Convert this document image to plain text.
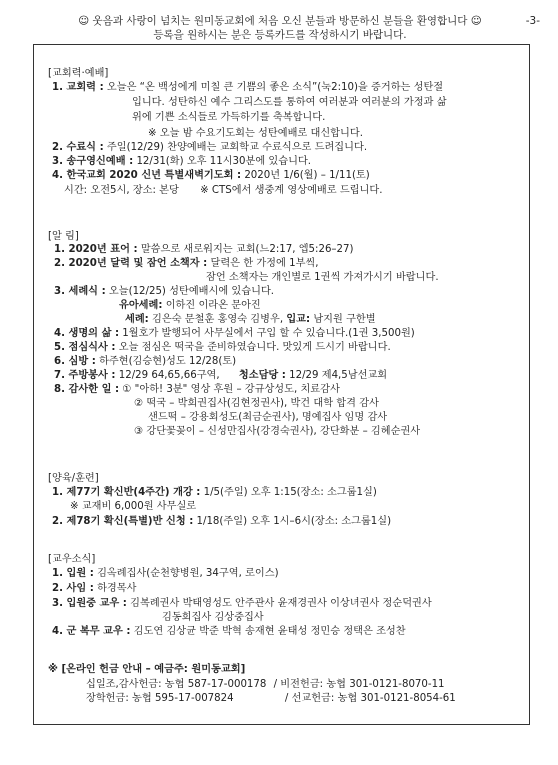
☺ 웃음과 사랑이 넘치는 원미동교회에 처음 오신 분들과 방문하신 분들을 환영합니다 ☺
등록을 원하시는 분은 등록카드를 작성하시기 바랍니다.
-3-
[교회력·예배]
1. 교회력 : 오늘은 “온 백성에게 미칠 큰 기쁨의 좋은 소식”(눅2:10)을 증거하는 성탄절
입니다. 성탄하신 예수 그리스도를 통하여 여러분과 여러분의 가정과 삶
위에 기쁜 소식들로 가득하기를 축복합니다.
※ 오늘 밤 수요기도회는 성탄예배로 대신합니다.
2. 수료식 : 주일(12/29) 찬양예배는 교회학교 수료식으로 드려집니다.
3. 송구영신예배 : 12/31(화) 오후 11시30분에 있습니다.
4. 한국교회 2020 신년 특별새벽기도회 : 2020년 1/6(월) – 1/11(토)
시간: 오전5시, 장소: 본당 ※ CTS에서 생중계 영상예배로 드립니다.
[알 림]
1. 2020년 표어 : 말씀으로 새로워지는 교회(느2:17, 엡5:26–27)
2. 2020년 달력 및 잠언 소책자 : 달력은 한 가정에 1부씩,
잠언 소책자는 개인별로 1권씩 가져가시기 바랍니다.
3. 세례식 : 오늘(12/25) 성탄예배시에 있습니다.
유아세례: 이하진 이라온 문아진
세례: 김은숙 문철훈 홍영숙 김병우, 입교: 남지원 구한별
4. 생명의 삶 : 1월호가 발행되어 사무실에서 구입 할 수 있습니다.(1권 3,500원)
5. 점심식사 : 오늘 점심은 떡국을 준비하였습니다. 맛있게 드시기 바랍니다.
6. 심방 : 하주현(김승현)성도 12/28(토)
7. 주방봉사 : 12/29 64,65,66구역, 청소담당 : 12/29 제4,5남선교회
8. 감사한 일 : ① "아하! 3분" 영상 후원 – 강규상성도, 치료감사
② 떡국 – 박희권집사(김현정권사), 박건 대학 합격 감사
샌드떡 – 강용회성도(최금순권사), 명예집사 임명 감사
③ 강단꽃꽂이 – 신성만집사(강경숙권사), 강단화분 – 김혜순권사
[양육/훈련]
1. 제77기 확신반(4주간) 개강 : 1/5(주일) 오후 1:15(장소: 소그룹1실)
※ 교재비 6,000원 사무실로
2. 제78기 확신(특별)반 신청 : 1/18(주일) 오후 1시–6시(장소: 소그룹1실)
[교우소식]
1. 입원 : 김옥례집사(순천향병원, 34구역, 로이스)
2. 사임 : 하경목사
3. 입원중 교우 : 김복례권사 박태영성도 안주관사 윤재경권사 이상녀권사 정순덕권사
김동희집사 김상중집사
4. 군 복무 교우 : 김도연 김상균 박준 박혁 송재현 윤태성 정민승 정택은 조성찬
※ [온라인 헌금 안내 – 예금주: 원미동교회]
십일조,감사헌금: 농협 587-17-000178 / 비전헌금: 농협 301-0121-8070-11
장학헌금: 농협 595-17-007824	/ 선교헌금: 농협 301-0121-8054-61
